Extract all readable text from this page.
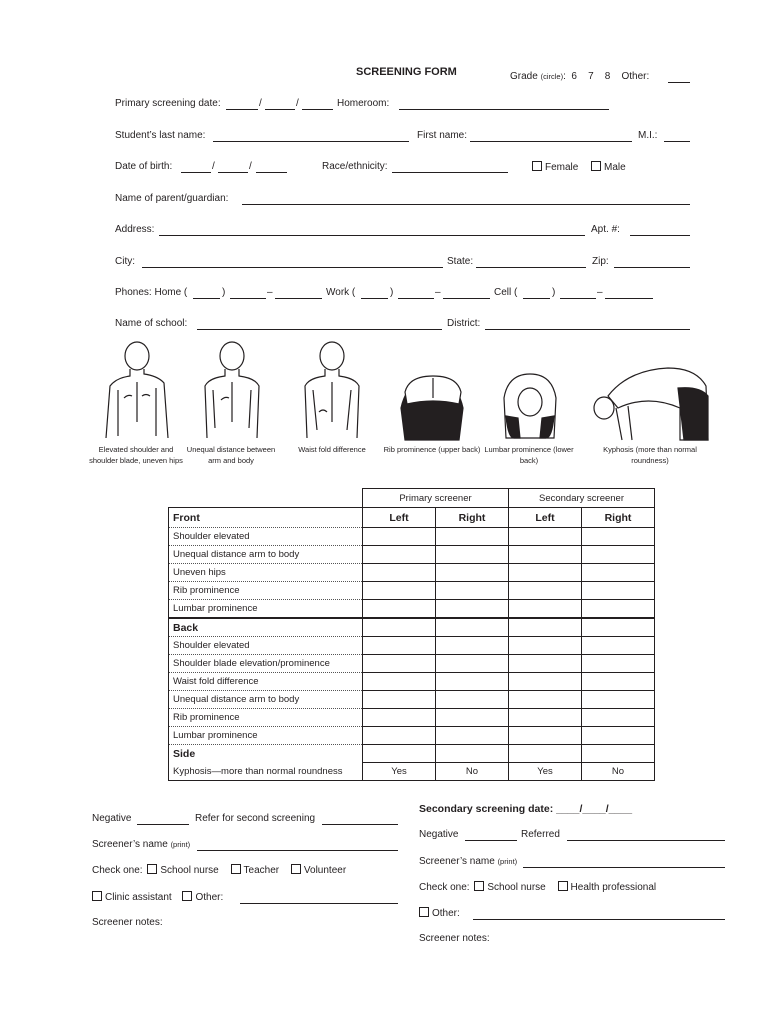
SCREENING FORM	Grade (circle):  6    7    8    Other:
Primary screening date:	/	/	Homeroom:
Student’s last name:	First name:	M.I.:
Date of birth:	/	/	Race/ethnicity:	Female	Male
Name of parent/guardian:
Address:	Apt. #:
City:	State:	Zip:
Phones: Home (	)	–	Work (	)	–	Cell (	)	–
Name of school:	District:
Elevated shoulder and shoulder blade, uneven hips
Unequal distance between arm and body
Waist fold difference	Rib prominence (upper back) Lumbar prominence (lower back)
Kyphosis (more than normal roundness)
	Primary screener		Secondary screener	
Front	Left	Right	Left	Right
Shoulder elevated				
Unequal distance arm to body				
Uneven hips				
Rib prominence				
Lumbar prominence				
Back				
Shoulder elevated				
Shoulder blade elevation/prominence				
Waist fold difference				
Unequal distance arm to body				
Rib prominence				
Lumbar prominence				
Side				
Kyphosis—more than normal roundness	Yes	No	Yes	No
Negative	Refer for second screening
Screener’s name (print)
Check one: School nurse Teacher Volunteer
Clinic assistant Other:
Screener notes:
Secondary screening date: ____/____/____
Negative	Referred
Screener’s name (print)
Check one: School nurse Health professional
Other:
Screener notes:
